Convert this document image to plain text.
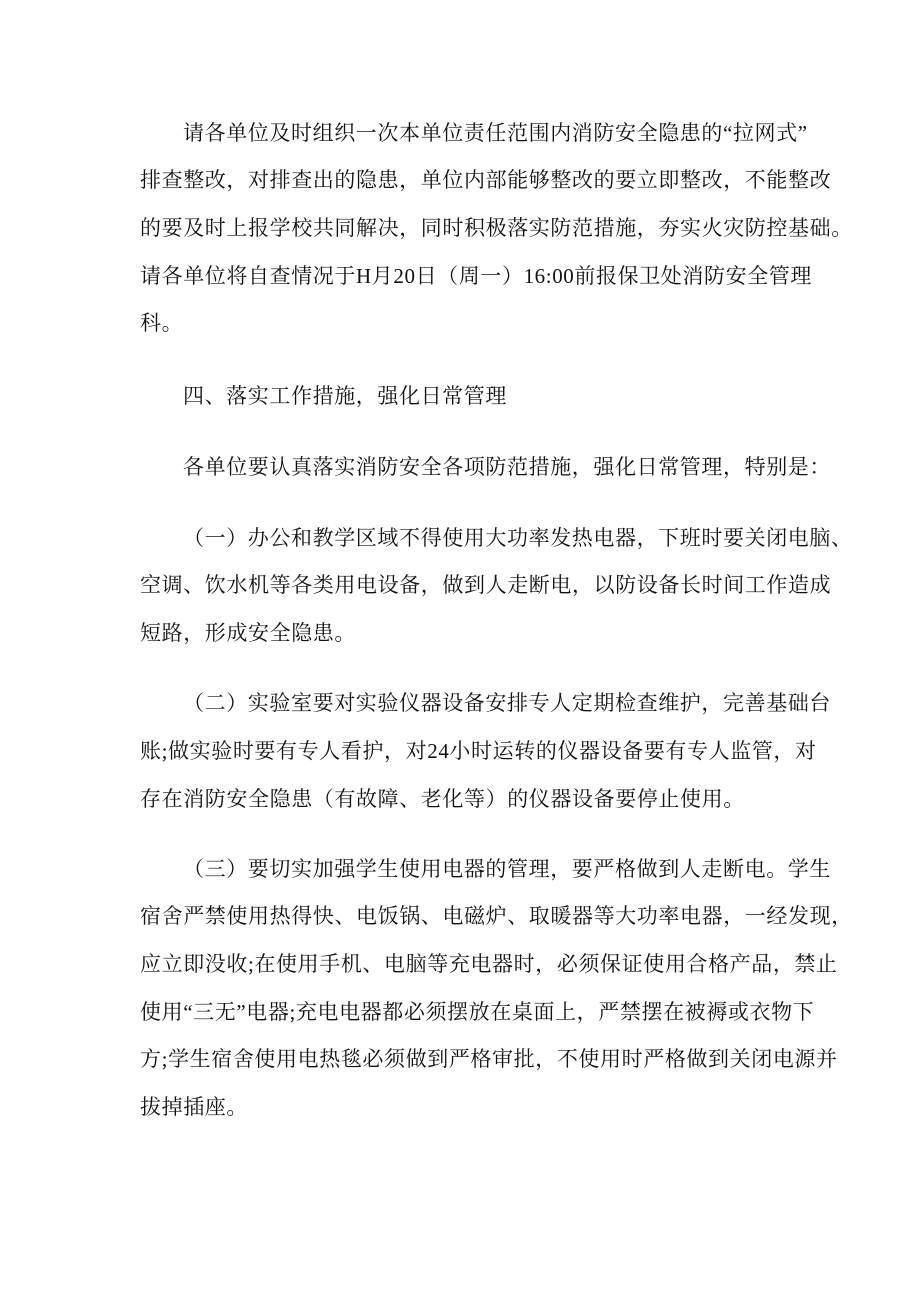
请各单位及时组织一次本单位责任范围内消防安全隐患的“拉网式”
排查整改，对排查出的隐患，单位内部能够整改的要立即整改，不能整改
的要及时上报学校共同解决，同时积极落实防范措施，夯实火灾防控基础。
请各单位将自查情况于H月20日（周一）16:00前报保卫处消防安全管理
科。
四、落实工作措施，强化日常管理
各单位要认真落实消防安全各项防范措施，强化日常管理，特别是：
（一）办公和教学区域不得使用大功率发热电器，下班时要关闭电脑、
空调、饮水机等各类用电设备，做到人走断电，以防设备长时间工作造成
短路，形成安全隐患。
（二）实验室要对实验仪器设备安排专人定期检查维护，完善基础台
账;做实验时要有专人看护，对24小时运转的仪器设备要有专人监管，对
存在消防安全隐患（有故障、老化等）的仪器设备要停止使用。
（三）要切实加强学生使用电器的管理，要严格做到人走断电。学生
宿舍严禁使用热得快、电饭锅、电磁炉、取暖器等大功率电器，一经发现，
应立即没收;在使用手机、电脑等充电器时，必须保证使用合格产品，禁止
使用“三无”电器;充电电器都必须摆放在桌面上，严禁摆在被褥或衣物下
方;学生宿舍使用电热毯必须做到严格审批，不使用时严格做到关闭电源并
拔掉插座。
